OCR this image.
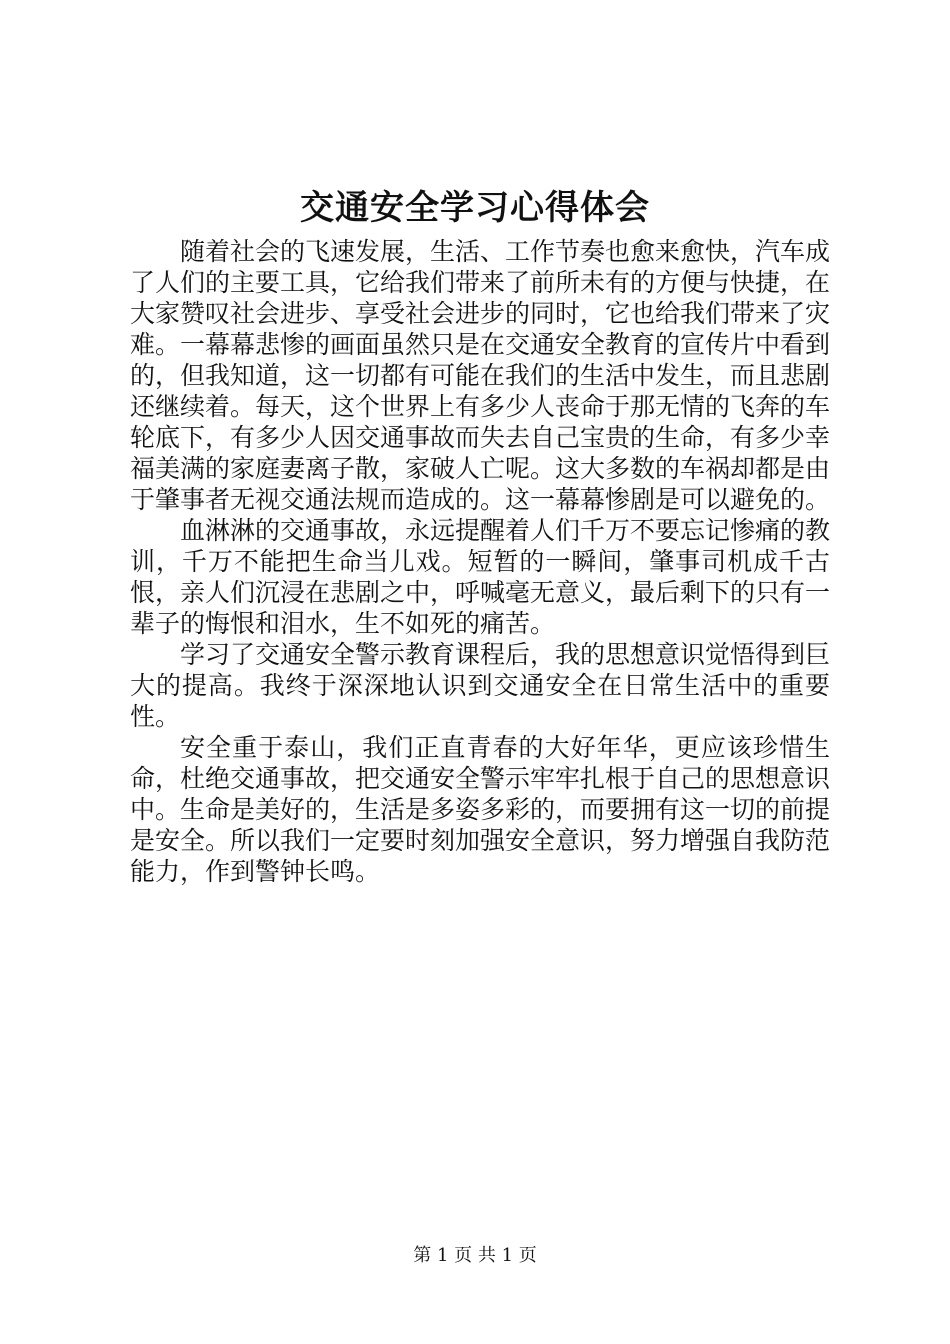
交通安全学习心得体会

随着社会的飞速发展，生活、工作节奏也愈来愈快，汽车成了人们的主要工具，它给我们带来了前所未有的方便与快捷，在大家赞叹社会进步、享受社会进步的同时，它也给我们带来了灾难。一幕幕悲惨的画面虽然只是在交通安全教育的宣传片中看到的，但我知道，这一切都有可能在我们的生活中发生，而且悲剧还继续着。每天，这个世界上有多少人丧命于那无情的飞奔的车轮底下，有多少人因交通事故而失去自己宝贵的生命，有多少幸福美满的家庭妻离子散，家破人亡呢。这大多数的车祸却都是由于肇事者无视交通法规而造成的。这一幕幕惨剧是可以避免的。

血淋淋的交通事故，永远提醒着人们千万不要忘记惨痛的教训，千万不能把生命当儿戏。短暂的一瞬间，肇事司机成千古恨，亲人们沉浸在悲剧之中，呼喊毫无意义，最后剩下的只有一辈子的悔恨和泪水，生不如死的痛苦。

学习了交通安全警示教育课程后，我的思想意识觉悟得到巨大的提高。我终于深深地认识到交通安全在日常生活中的重要性。

安全重于泰山，我们正直青春的大好年华，更应该珍惜生命，杜绝交通事故，把交通安全警示牢牢扎根于自己的思想意识中。生命是美好的，生活是多姿多彩的，而要拥有这一切的前提是安全。所以我们一定要时刻加强安全意识，努力增强自我防范能力，作到警钟长鸣。

第 1 页 共 1 页
